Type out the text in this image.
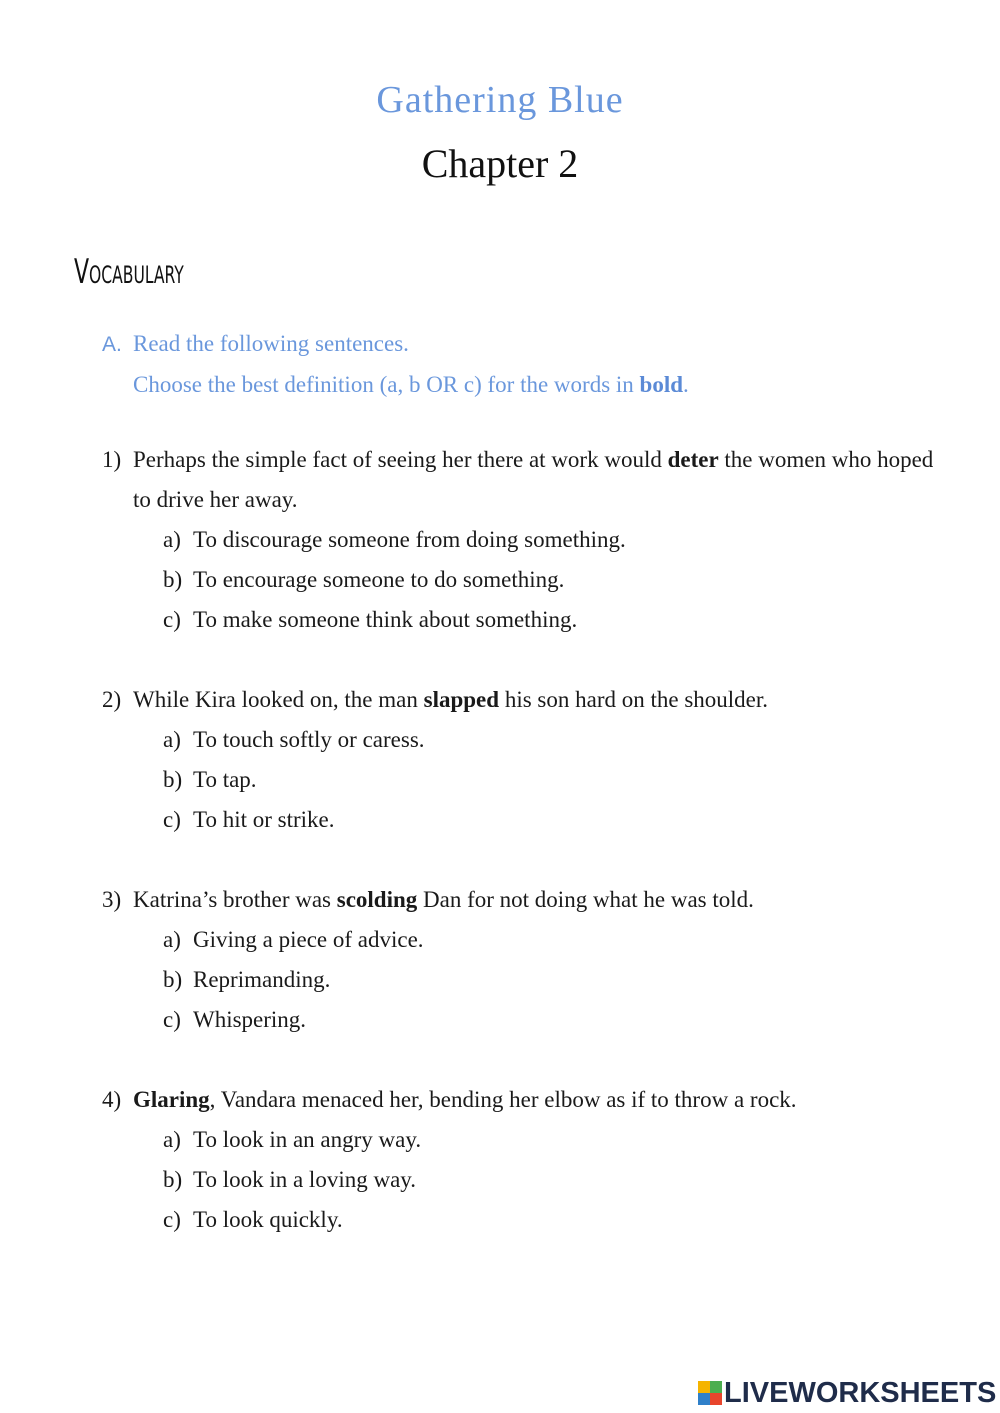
Gathering Blue
Chapter 2
Vocabulary
A. Read the following sentences.
Choose the best definition (a, b OR c) for the words in bold.
1) Perhaps the simple fact of seeing her there at work would deter the women who hoped to drive her away.
a) To discourage someone from doing something.
b) To encourage someone to do something.
c) To make someone think about something.
2) While Kira looked on, the man slapped his son hard on the shoulder.
a) To touch softly or caress.
b) To tap.
c) To hit or strike.
3) Katrina’s brother was scolding Dan for not doing what he was told.
a) Giving a piece of advice.
b) Reprimanding.
c) Whispering.
4) Glaring, Vandara menaced her, bending her elbow as if to throw a rock.
a) To look in an angry way.
b) To look in a loving way.
c) To look quickly.
LIVEWORKSHEETS
